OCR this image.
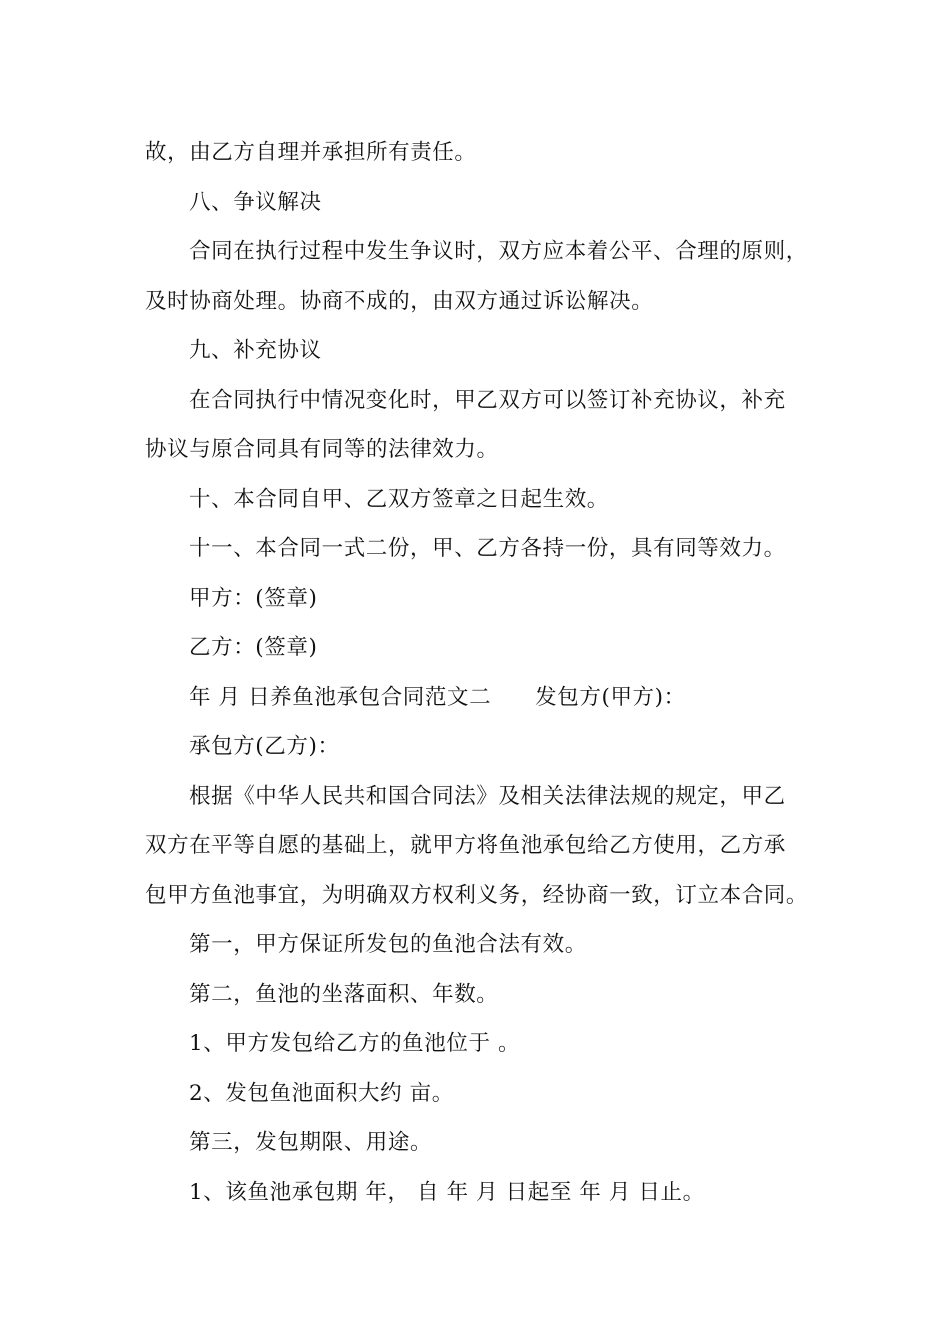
故，由乙方自理并承担所有责任。
八、争议解决
合同在执行过程中发生争议时，双方应本着公平、合理的原则，
及时协商处理。协商不成的，由双方通过诉讼解决。
九、补充协议
在合同执行中情况变化时，甲乙双方可以签订补充协议，补充
协议与原合同具有同等的法律效力。
十、本合同自甲、乙双方签章之日起生效。
十一、本合同一式二份，甲、乙方各持一份，具有同等效力。
甲方：(签章)
乙方：(签章)
年 月 日养鱼池承包合同范文二 发包方(甲方)：
承包方(乙方)：
根据《中华人民共和国合同法》及相关法律法规的规定，甲乙
双方在平等自愿的基础上，就甲方将鱼池承包给乙方使用，乙方承
包甲方鱼池事宜，为明确双方权利义务，经协商一致，订立本合同。
第一，甲方保证所发包的鱼池合法有效。
第二，鱼池的坐落面积、年数。
1、甲方发包给乙方的鱼池位于 。
2、发包鱼池面积大约 亩。
第三，发包期限、用途。
1、该鱼池承包期 年， 自 年 月 日起至 年 月 日止。
